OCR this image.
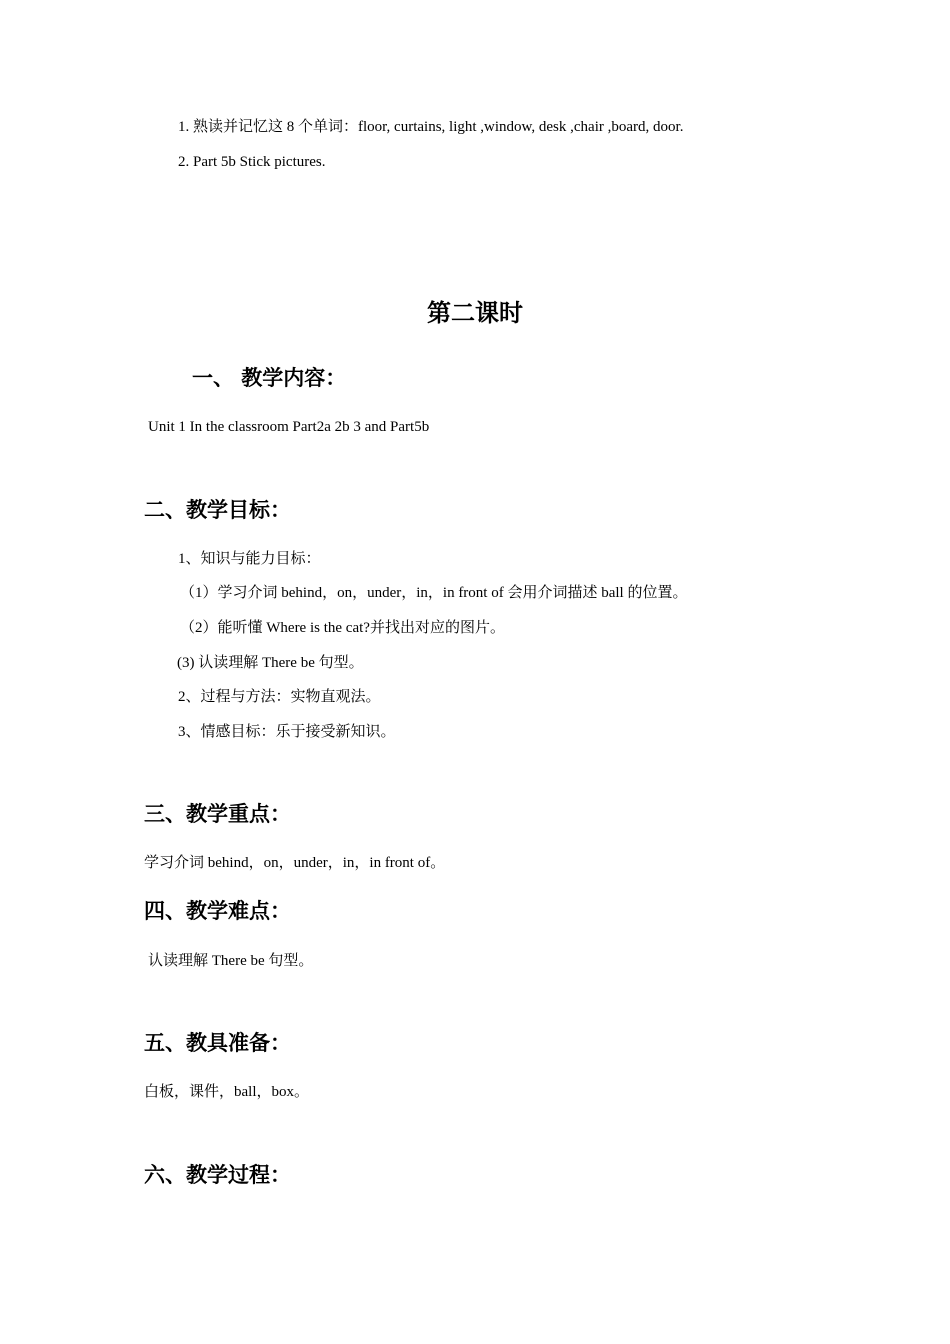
1. 熟读并记忆这 8 个单词：floor, curtains, light ,window, desk ,chair ,board, door.
2. Part 5b Stick pictures.
第二课时
一、 教学内容：
Unit 1 In the classroom Part2a 2b 3 and Part5b
二、教学目标：
1、知识与能力目标：
（1）学习介词 behind，on，under，in，in front of 会用介词描述 ball 的位置。
（2）能听懂 Where is the cat?并找出对应的图片。
(3) 认读理解 There be 句型。
2、过程与方法：实物直观法。
3、情感目标：乐于接受新知识。
三、教学重点：
学习介词 behind，on，under，in，in front of。
四、教学难点：
认读理解 There be 句型。
五、教具准备：
白板，课件，ball，box。
六、教学过程：
